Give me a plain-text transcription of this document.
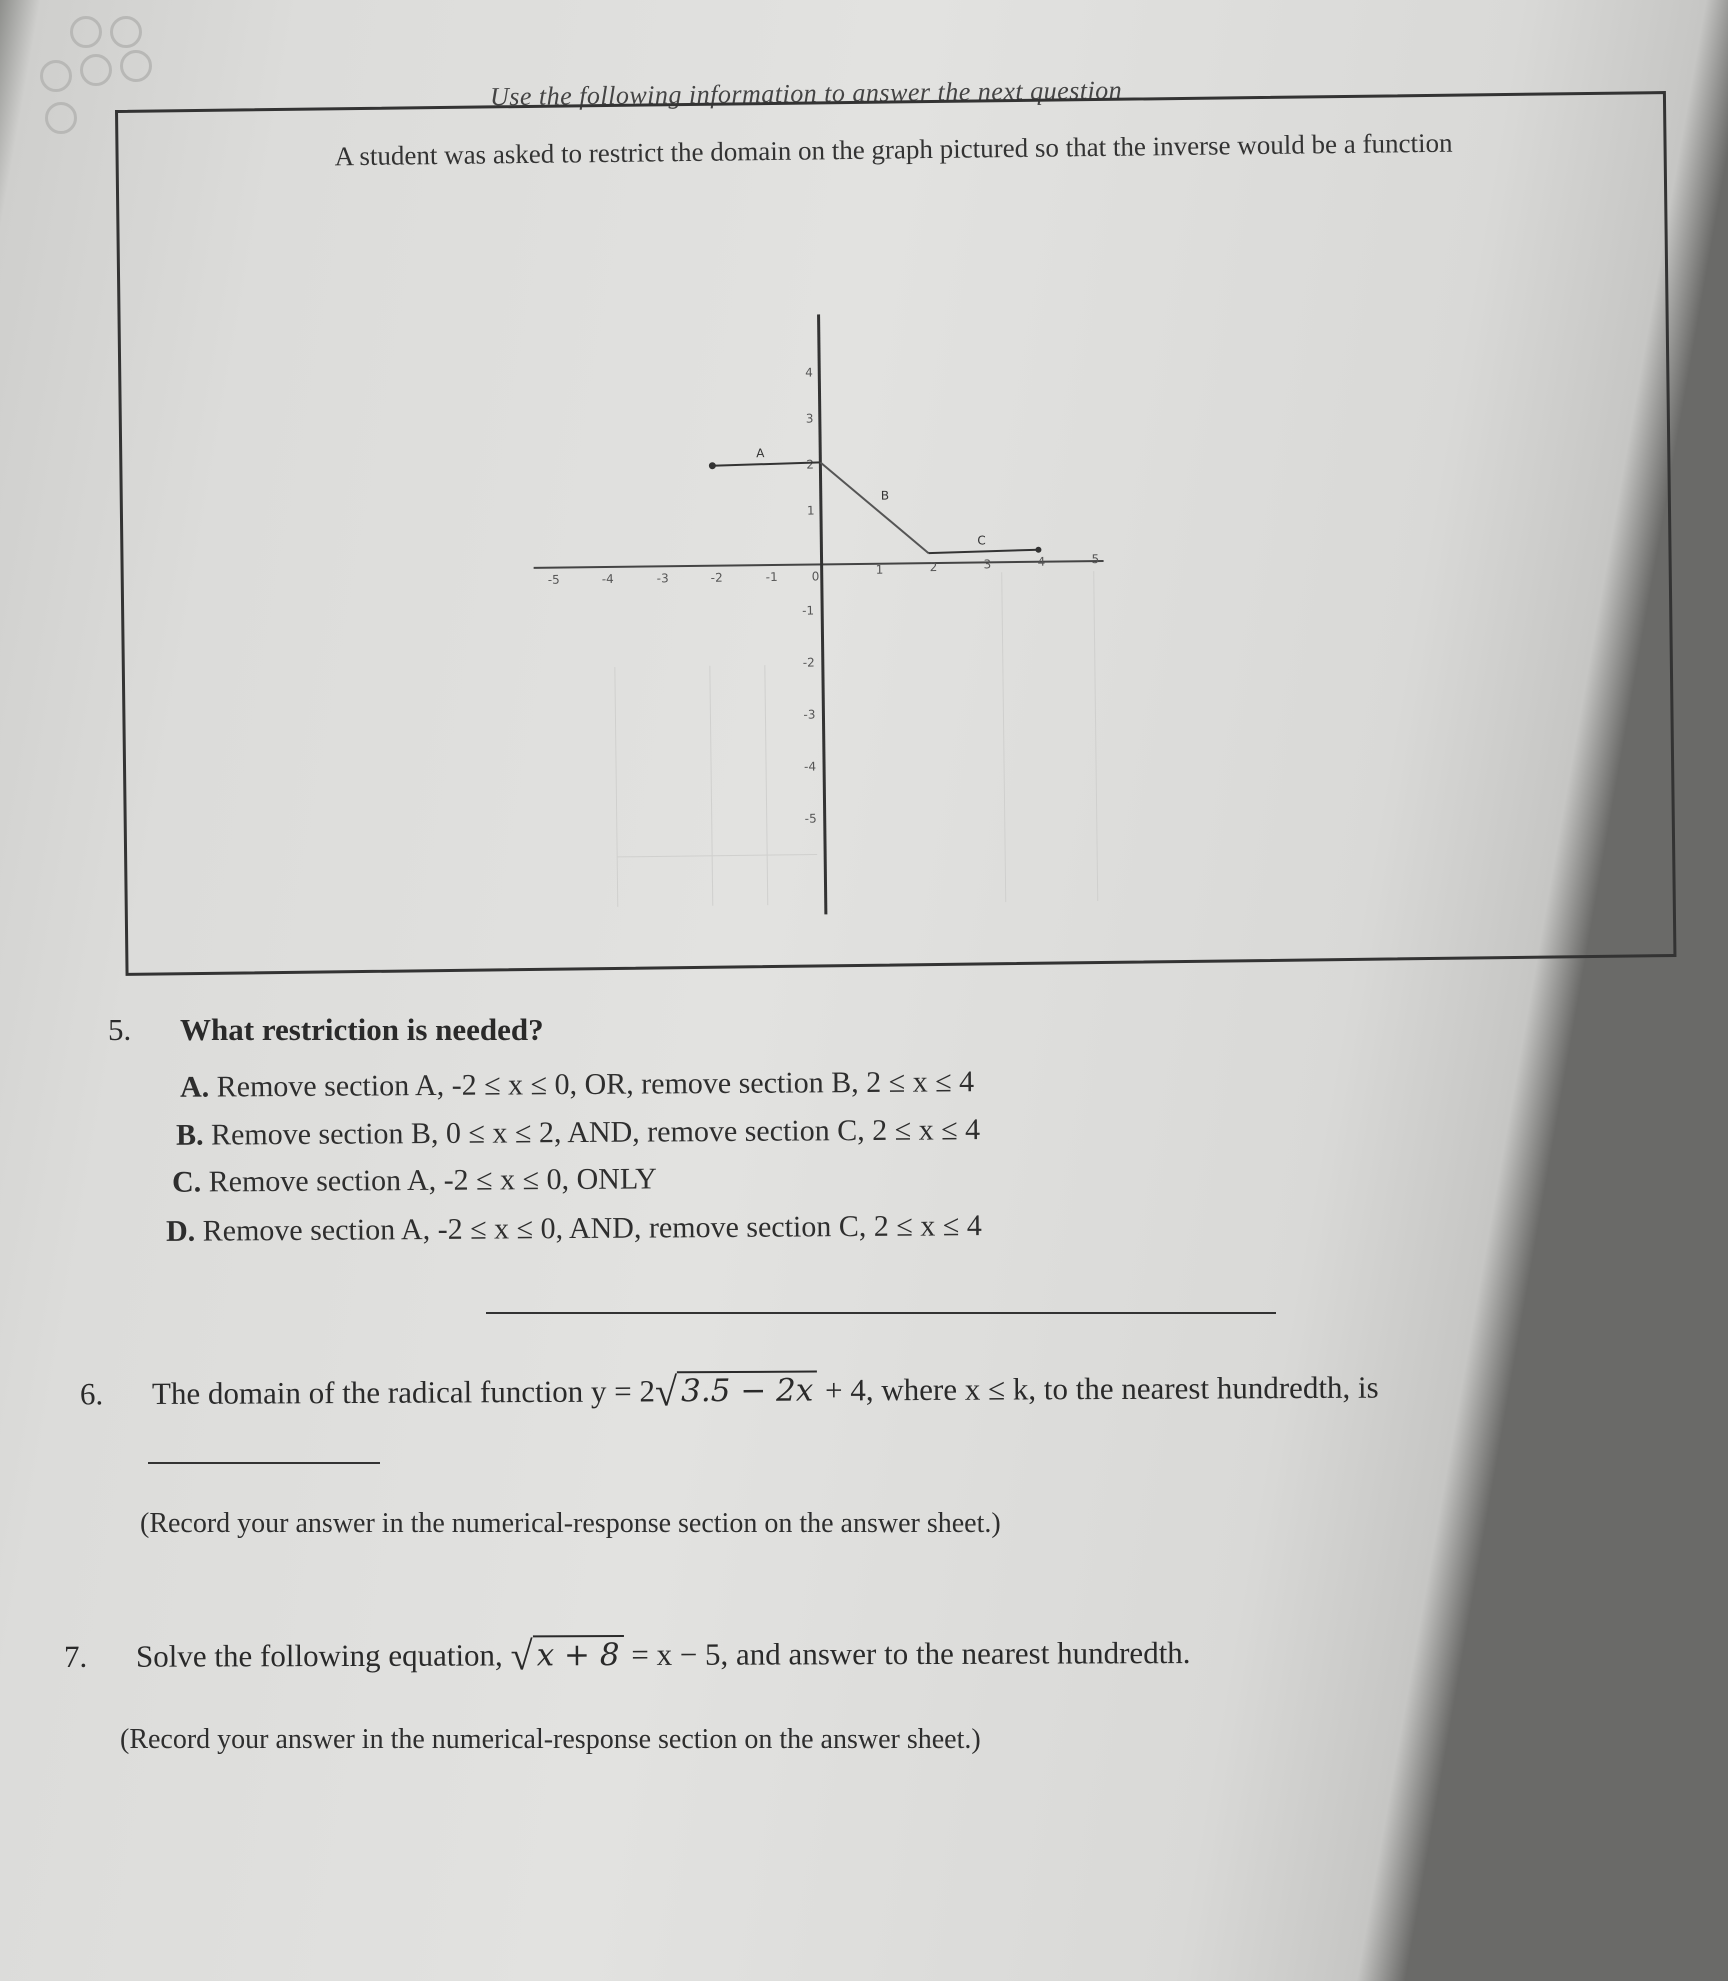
Use the following information to answer the next question
A student was asked to restrict the domain on the graph pictured so that the inverse would be a function
-5	-4	-3	-2	-1	0	1	2	3	4	5
4
3
2
1
-1
-2
-3
-4
-5
A
B
C
5. What restriction is needed?
A. Remove section A, -2 ≤ x ≤ 0, OR, remove section B, 2 ≤ x ≤ 4
B. Remove section B, 0 ≤ x ≤ 2, AND, remove section C, 2 ≤ x ≤ 4
C. Remove section A, -2 ≤ x ≤ 0, ONLY
D. Remove section A, -2 ≤ x ≤ 0, AND, remove section C, 2 ≤ x ≤ 4
6. The domain of the radical function y = 2√ 3.5 − 2x + 4, where x ≤ k, to the nearest hundredth, is
(Record your answer in the numerical-response section on the answer sheet.)
7. Solve the following equation, √ x + 8 = x − 5, and answer to the nearest hundredth.
(Record your answer in the numerical-response section on the answer sheet.)
